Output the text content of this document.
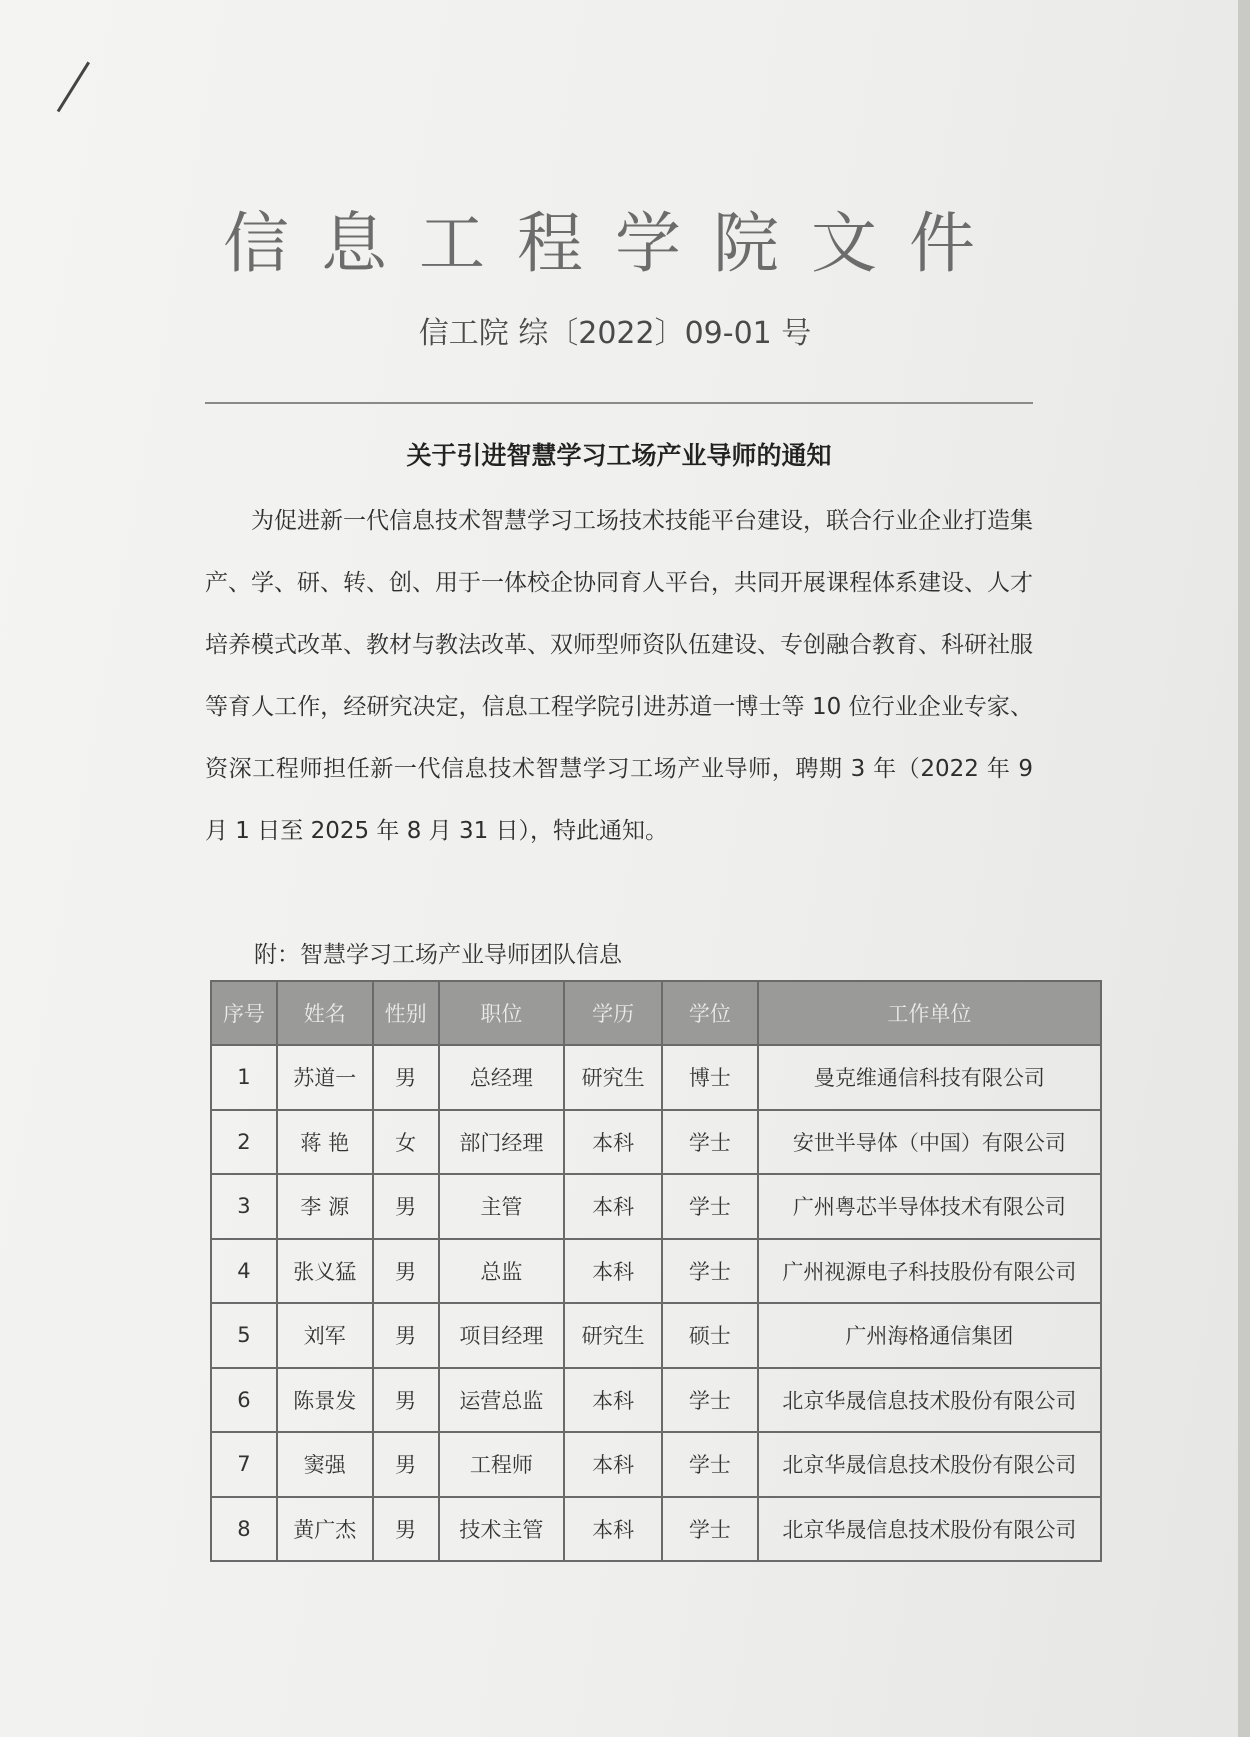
信息工程学院文件
信工院 综〔2022〕09-01 号
关于引进智慧学习工场产业导师的通知
为促进新一代信息技术智慧学习工场技术技能平台建设，联合行业企业打造集产、学、研、转、创、用于一体校企协同育人平台，共同开展课程体系建设、人才培养模式改革、教材与教法改革、双师型师资队伍建设、专创融合教育、科研社服等育人工作，经研究决定，信息工程学院引进苏道一博士等 10 位行业企业专家、资深工程师担任新一代信息技术智慧学习工场产业导师，聘期 3 年（2022 年 9 月 1 日至 2025 年 8 月 31 日），特此通知。
附：智慧学习工场产业导师团队信息
序号	姓名	性别	职位	学历	学位	工作单位
1	苏道一	男	总经理	研究生	博士	曼克维通信科技有限公司
2	蒋 艳	女	部门经理	本科	学士	安世半导体（中国）有限公司
3	李 源	男	主管	本科	学士	广州粤芯半导体技术有限公司
4	张义猛	男	总监	本科	学士	广州视源电子科技股份有限公司
5	刘军	男	项目经理	研究生	硕士	广州海格通信集团
6	陈景发	男	运营总监	本科	学士	北京华晟信息技术股份有限公司
7	窦强	男	工程师	本科	学士	北京华晟信息技术股份有限公司
8	黄广杰	男	技术主管	本科	学士	北京华晟信息技术股份有限公司
